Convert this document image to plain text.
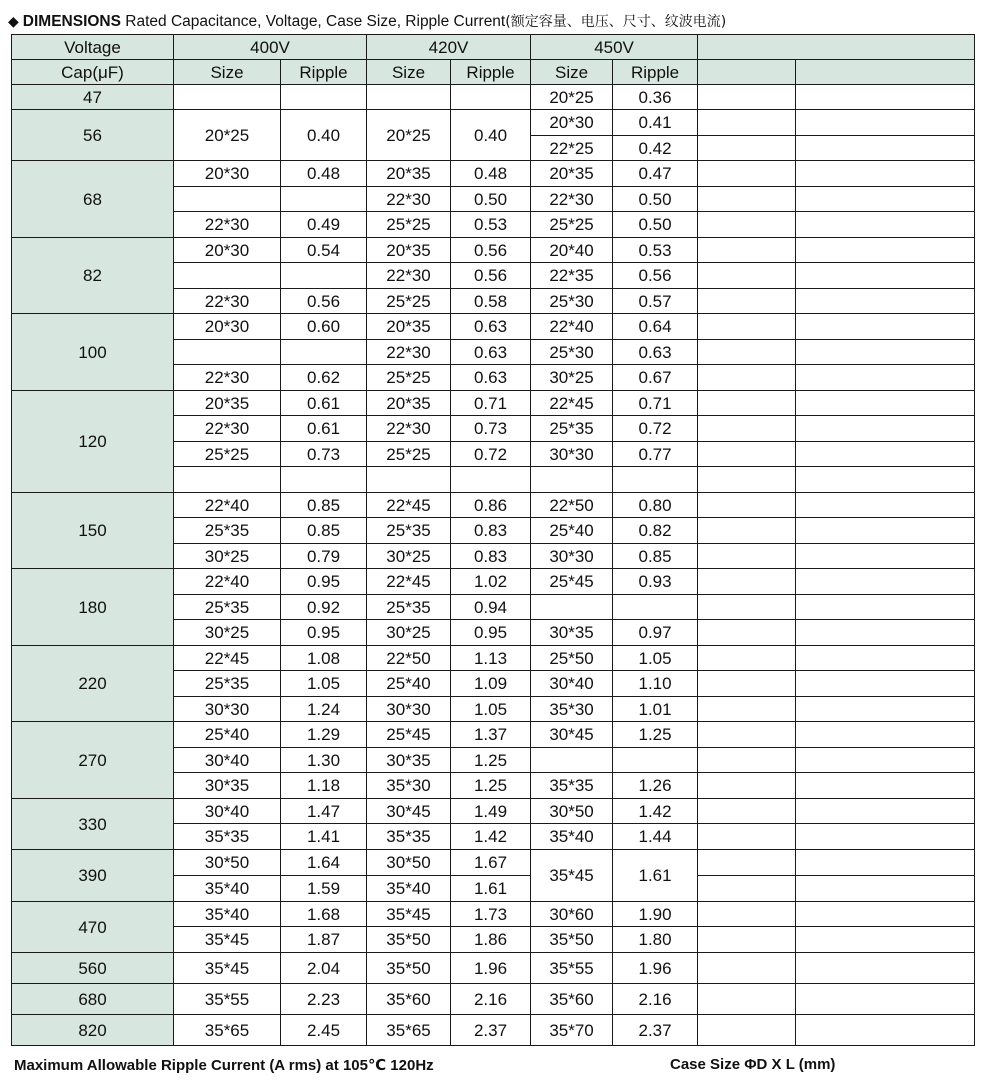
◆ DIMENSIONS Rated Capacitance, Voltage, Case Size, Ripple Current(额定容量、电压、尺寸、纹波电流)
Voltage	400V		420V		450V			
Cap(μF)	Size	Ripple	Size	Ripple	Size	Ripple		
47					20*25	0.36		
56	20*25	0.40	20*25	0.40	20*30	0.41		
					22*25	0.42		
68	20*30	0.48	20*35	0.48	20*35	0.47		
			22*30	0.50	22*30	0.50		
	22*30	0.49	25*25	0.53	25*25	0.50		
82	20*30	0.54	20*35	0.56	20*40	0.53		
			22*30	0.56	22*35	0.56		
	22*30	0.56	25*25	0.58	25*30	0.57		
100	20*30	0.60	20*35	0.63	22*40	0.64		
			22*30	0.63	25*30	0.63		
	22*30	0.62	25*25	0.63	30*25	0.67		
120	20*35	0.61	20*35	0.71	22*45	0.71		
	22*30	0.61	22*30	0.73	25*35	0.72		
	25*25	0.73	25*25	0.72	30*30	0.77		

150	22*40	0.85	22*45	0.86	22*50	0.80		
	25*35	0.85	25*35	0.83	25*40	0.82		
	30*25	0.79	30*25	0.83	30*30	0.85		
180	22*40	0.95	22*45	1.02	25*45	0.93		
	25*35	0.92	25*35	0.94				
	30*25	0.95	30*25	0.95	30*35	0.97		
220	22*45	1.08	22*50	1.13	25*50	1.05		
	25*35	1.05	25*40	1.09	30*40	1.10		
	30*30	1.24	30*30	1.05	35*30	1.01		
270	25*40	1.29	25*45	1.37	30*45	1.25		
	30*40	1.30	30*35	1.25				
	30*35	1.18	35*30	1.25	35*35	1.26		
330	30*40	1.47	30*45	1.49	30*50	1.42		
	35*35	1.41	35*35	1.42	35*40	1.44		
390	30*50	1.64	30*50	1.67	35*45	1.61		
	35*40	1.59	35*40	1.61				
470	35*40	1.68	35*45	1.73	30*60	1.90		
	35*45	1.87	35*50	1.86	35*50	1.80		
560	35*45	2.04	35*50	1.96	35*55	1.96		
680	35*55	2.23	35*60	2.16	35*60	2.16		
820	35*65	2.45	35*65	2.37	35*70	2.37		
Maximum Allowable Ripple Current (A rms) at 105℃ 120Hz	Case Size ΦD X L (mm)
